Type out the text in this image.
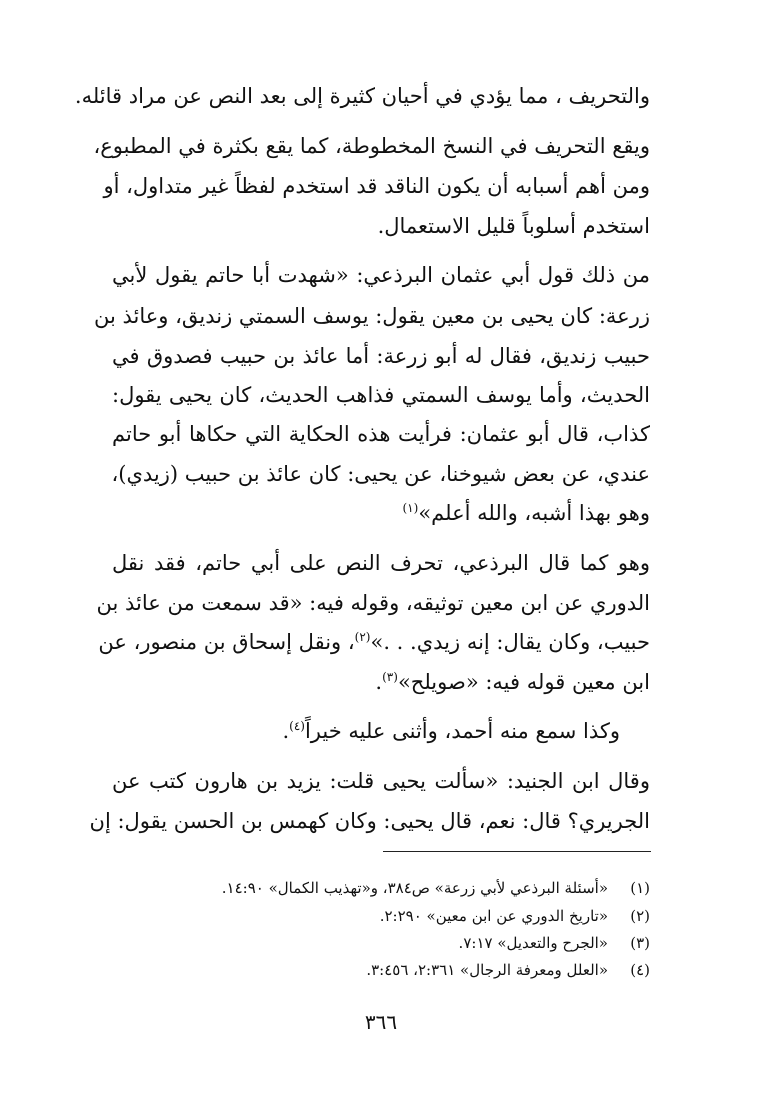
والتحريف ، مما يؤدي في أحيان كثيرة إلى بعد النص عن مراد قائله.
ويقع التحريف في النسخ المخطوطة، كما يقع بكثرة في المطبوع،
ومن أهم أسبابه أن يكون الناقد قد استخدم لفظاً غير متداول، أو
استخدم أسلوباً قليل الاستعمال.
من ذلك قول أبي عثمان البرذعي: «شهدت أبا حاتم يقول لأبي
زرعة: كان يحيى بن معين يقول: يوسف السمتي زنديق، وعائذ بن
حبيب زنديق، فقال له أبو زرعة: أما عائذ بن حبيب فصدوق في
الحديث، وأما يوسف السمتي فذاهب الحديث، كان يحيى يقول:
كذاب، قال أبو عثمان: فرأيت هذه الحكاية التي حكاها أبو حاتم
عندي، عن بعض شيوخنا، عن يحيى: كان عائذ بن حبيب (زيدي)،
وهو بهذا أشبه، والله أعلم»$^{(١)}$
وهو كما قال البرذعي، تحرف النص على أبي حاتم، فقد نقل
الدوري عن ابن معين توثيقه، وقوله فيه: «قد سمعت من عائذ بن
حبيب، وكان يقال: إنه زيدي. . .»$^{(٢)}$، ونقل إسحاق بن منصور، عن
ابن معين قوله فيه: «صويلح»$^{(٣)}$.
وكذا سمع منه أحمد، وأثنى عليه خيراً$^{(٤)}$.
وقال ابن الجنيد: «سألت يحيى قلت: يزيد بن هارون كتب عن
الجريري؟ قال: نعم، قال يحيى: وكان كهمس بن الحسن يقول: إن
(١)«أسئلة البرذعي لأبي زرعة» ص٣٨٤، و«تهذيب الكمال» ١٤:٩٠.
(٢)«تاريخ الدوري عن ابن معين» ٢:٢٩٠.
(٣)«الجرح والتعديل» ٧:١٧.
(٤)«العلل ومعرفة الرجال» ٢:٣٦١، ٣:٤٥٦.
٣٦٦
